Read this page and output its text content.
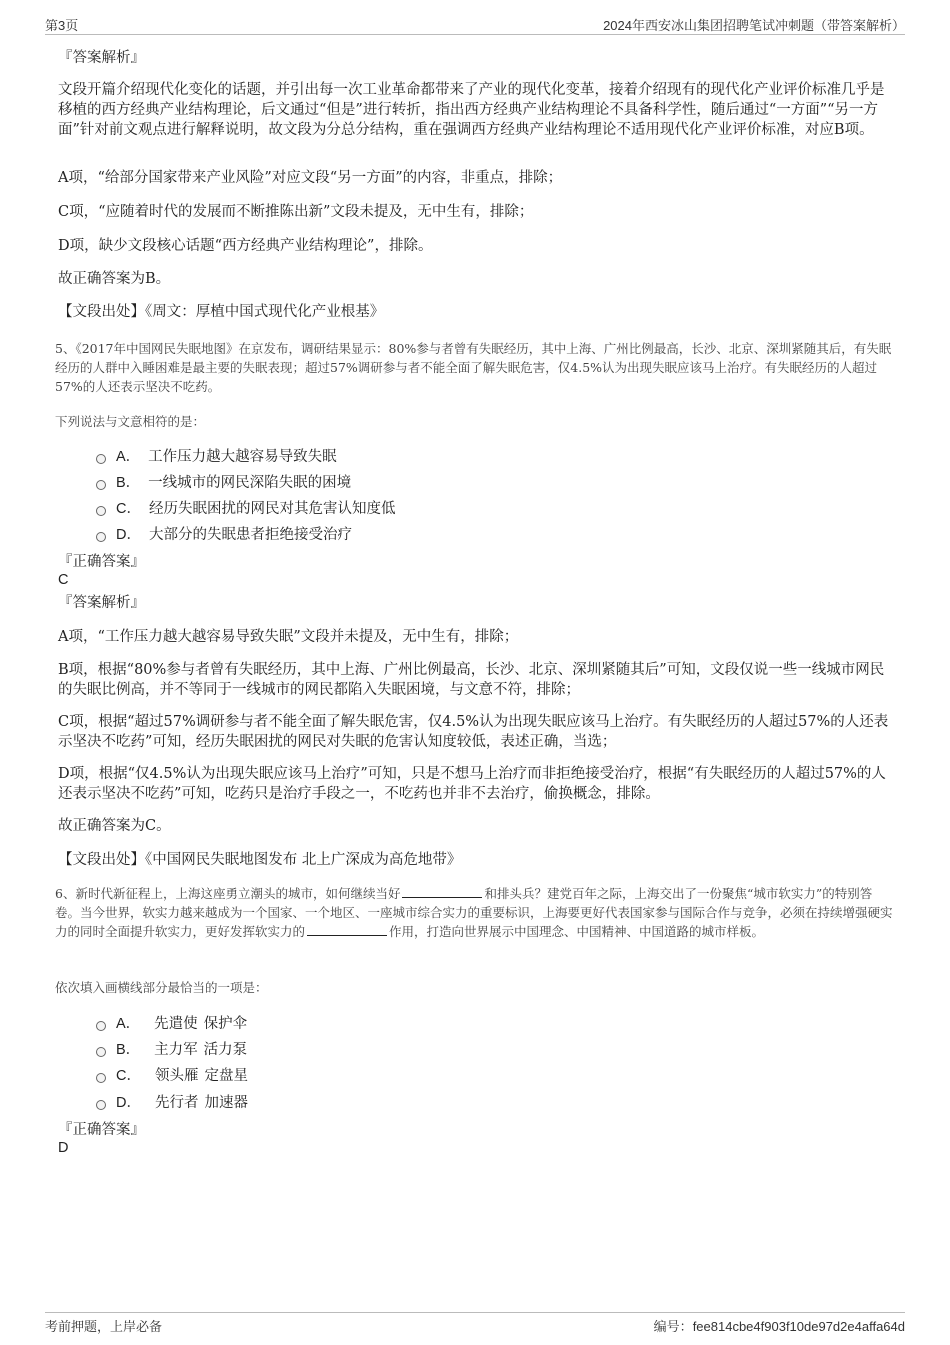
第3页	2024年西安冰山集团招聘笔试冲刺题（带答案解析）
『答案解析』
文段开篇介绍现代化变化的话题，并引出每一次工业革命都带来了产业的现代化变革，接着介绍现有的现代化产业评价标准几乎是移植的西方经典产业结构理论，后文通过“但是”进行转折，指出西方经典产业结构理论不具备科学性，随后通过“一方面”“另一方面”针对前文观点进行解释说明，故文段为分总分结构，重在强调西方经典产业结构理论不适用现代化产业评价标准，对应B项。
A项，“给部分国家带来产业风险”对应文段“另一方面”的内容，非重点，排除；
C项，“应随着时代的发展而不断推陈出新”文段未提及，无中生有，排除；
D项，缺少文段核心话题“西方经典产业结构理论”，排除。
故正确答案为B。
【文段出处】《周文：厚植中国式现代化产业根基》
5、《2017年中国网民失眠地图》在京发布，调研结果显示：80%参与者曾有失眠经历，其中上海、广州比例最高，长沙、北京、深圳紧随其后，有失眠经历的人群中入睡困难是最主要的失眠表现；超过57%调研参与者不能全面了解失眠危害，仅4.5%认为出现失眠应该马上治疗。有失眠经历的人超过57%的人还表示坚决不吃药。
下列说法与文意相符的是：
A． 工作压力越大越容易导致失眠
B． 一线城市的网民深陷失眠的困境
C． 经历失眠困扰的网民对其危害认知度低
D． 大部分的失眠患者拒绝接受治疗
『正确答案』
C
『答案解析』
A项，“工作压力越大越容易导致失眠”文段并未提及，无中生有，排除；
B项，根据“80%参与者曾有失眠经历，其中上海、广州比例最高，长沙、北京、深圳紧随其后”可知，文段仅说一些一线城市网民的失眠比例高，并不等同于一线城市的网民都陷入失眠困境，与文意不符，排除；
C项，根据“超过57%调研参与者不能全面了解失眠危害，仅4.5%认为出现失眠应该马上治疗。有失眠经历的人超过57%的人还表示坚决不吃药”可知，经历失眠困扰的网民对失眠的危害认知度较低，表述正确，当选；
D项，根据“仅4.5%认为出现失眠应该马上治疗”可知，只是不想马上治疗而非拒绝接受治疗，根据“有失眠经历的人超过57%的人还表示坚决不吃药”可知，吃药只是治疗手段之一，不吃药也并非不去治疗，偷换概念，排除。
故正确答案为C。
【文段出处】《中国网民失眠地图发布 北上广深成为高危地带》
6、新时代新征程上，上海这座勇立潮头的城市，如何继续当好	和排头兵？建党百年之际，上海交出了一份聚焦“城市软实力”的特别答卷。当今世界，软实力越来越成为一个国家、一个地区、一座城市综合实力的重要标识，上海要更好代表国家参与国际合作与竞争，必须在持续增强硬实力的同时全面提升软实力，更好发挥软实力的	作用，打造向世界展示中国理念、中国精神、中国道路的城市样板。
依次填入画横线部分最恰当的一项是：
A． 先遣使 保护伞
B． 主力军 活力泵
C． 领头雁 定盘星
D． 先行者 加速器
『正确答案』
D
考前押题，上岸必备	编号：fee814cbe4f903f10de97d2e4affa64d
